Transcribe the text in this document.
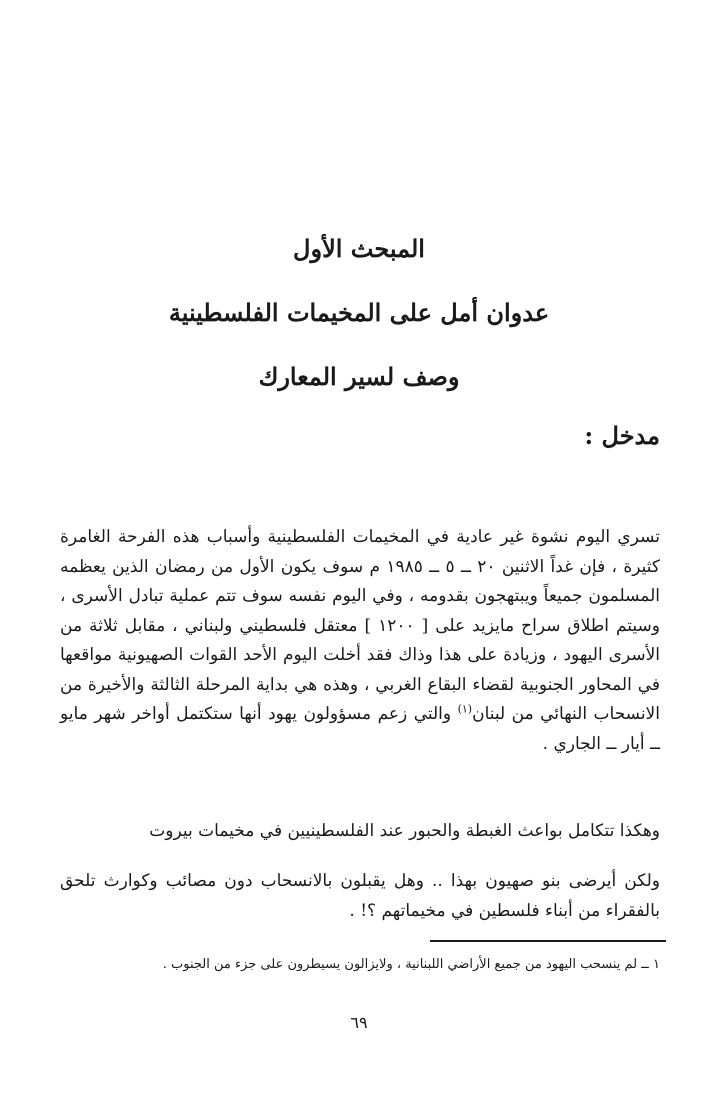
المبحث الأول
عدوان أمل على المخيمات الفلسطينية
وصف لسير المعارك
مدخل :

تسري اليوم نشوة غير عادية في المخيمات الفلسطينية وأسباب هذه الفرحة الغامرة كثيرة ، فإن غداً الاثنين ٢٠ ــ ٥ ــ ١٩٨٥ م سوف يكون الأول من رمضان الذين يعظمه المسلمون جميعاً ويبتهجون بقدومه ، وفي اليوم نفسه سوف تتم عملية تبادل الأسرى ، وسيتم اطلاق سراح مايزيد على [ ١٢٠٠ ] معتقل فلسطيني ولبناني ، مقابل ثلاثة من الأسرى اليهود ، وزيادة على هذا وذاك فقد أخلت اليوم الأحد القوات الصهيونية مواقعها في المحاور الجنوبية لقضاء البقاع الغربي ، وهذه هي بداية المرحلة الثالثة والأخيرة من الانسحاب النهائي من لبنان$^{(١)}$ والتي زعم مسؤولون يهود أنها ستكتمل أواخر شهر مايو ــ أيار ــ الجاري .

وهكذا تتكامل بواعث الغبطة والحبور عند الفلسطينيين في مخيمات بيروت

ولكن أيرضى بنو صهيون بهذا .. وهل يقبلون بالانسحاب دون مصائب وكوارث تلحق بالفقراء من أبناء فلسطين في مخيماتهم ؟! .

١ ــ لم ينسحب اليهود من جميع الأراضي اللبنانية ، ولايزالون يسيطرون على جزء من الجنوب .
٦٩
